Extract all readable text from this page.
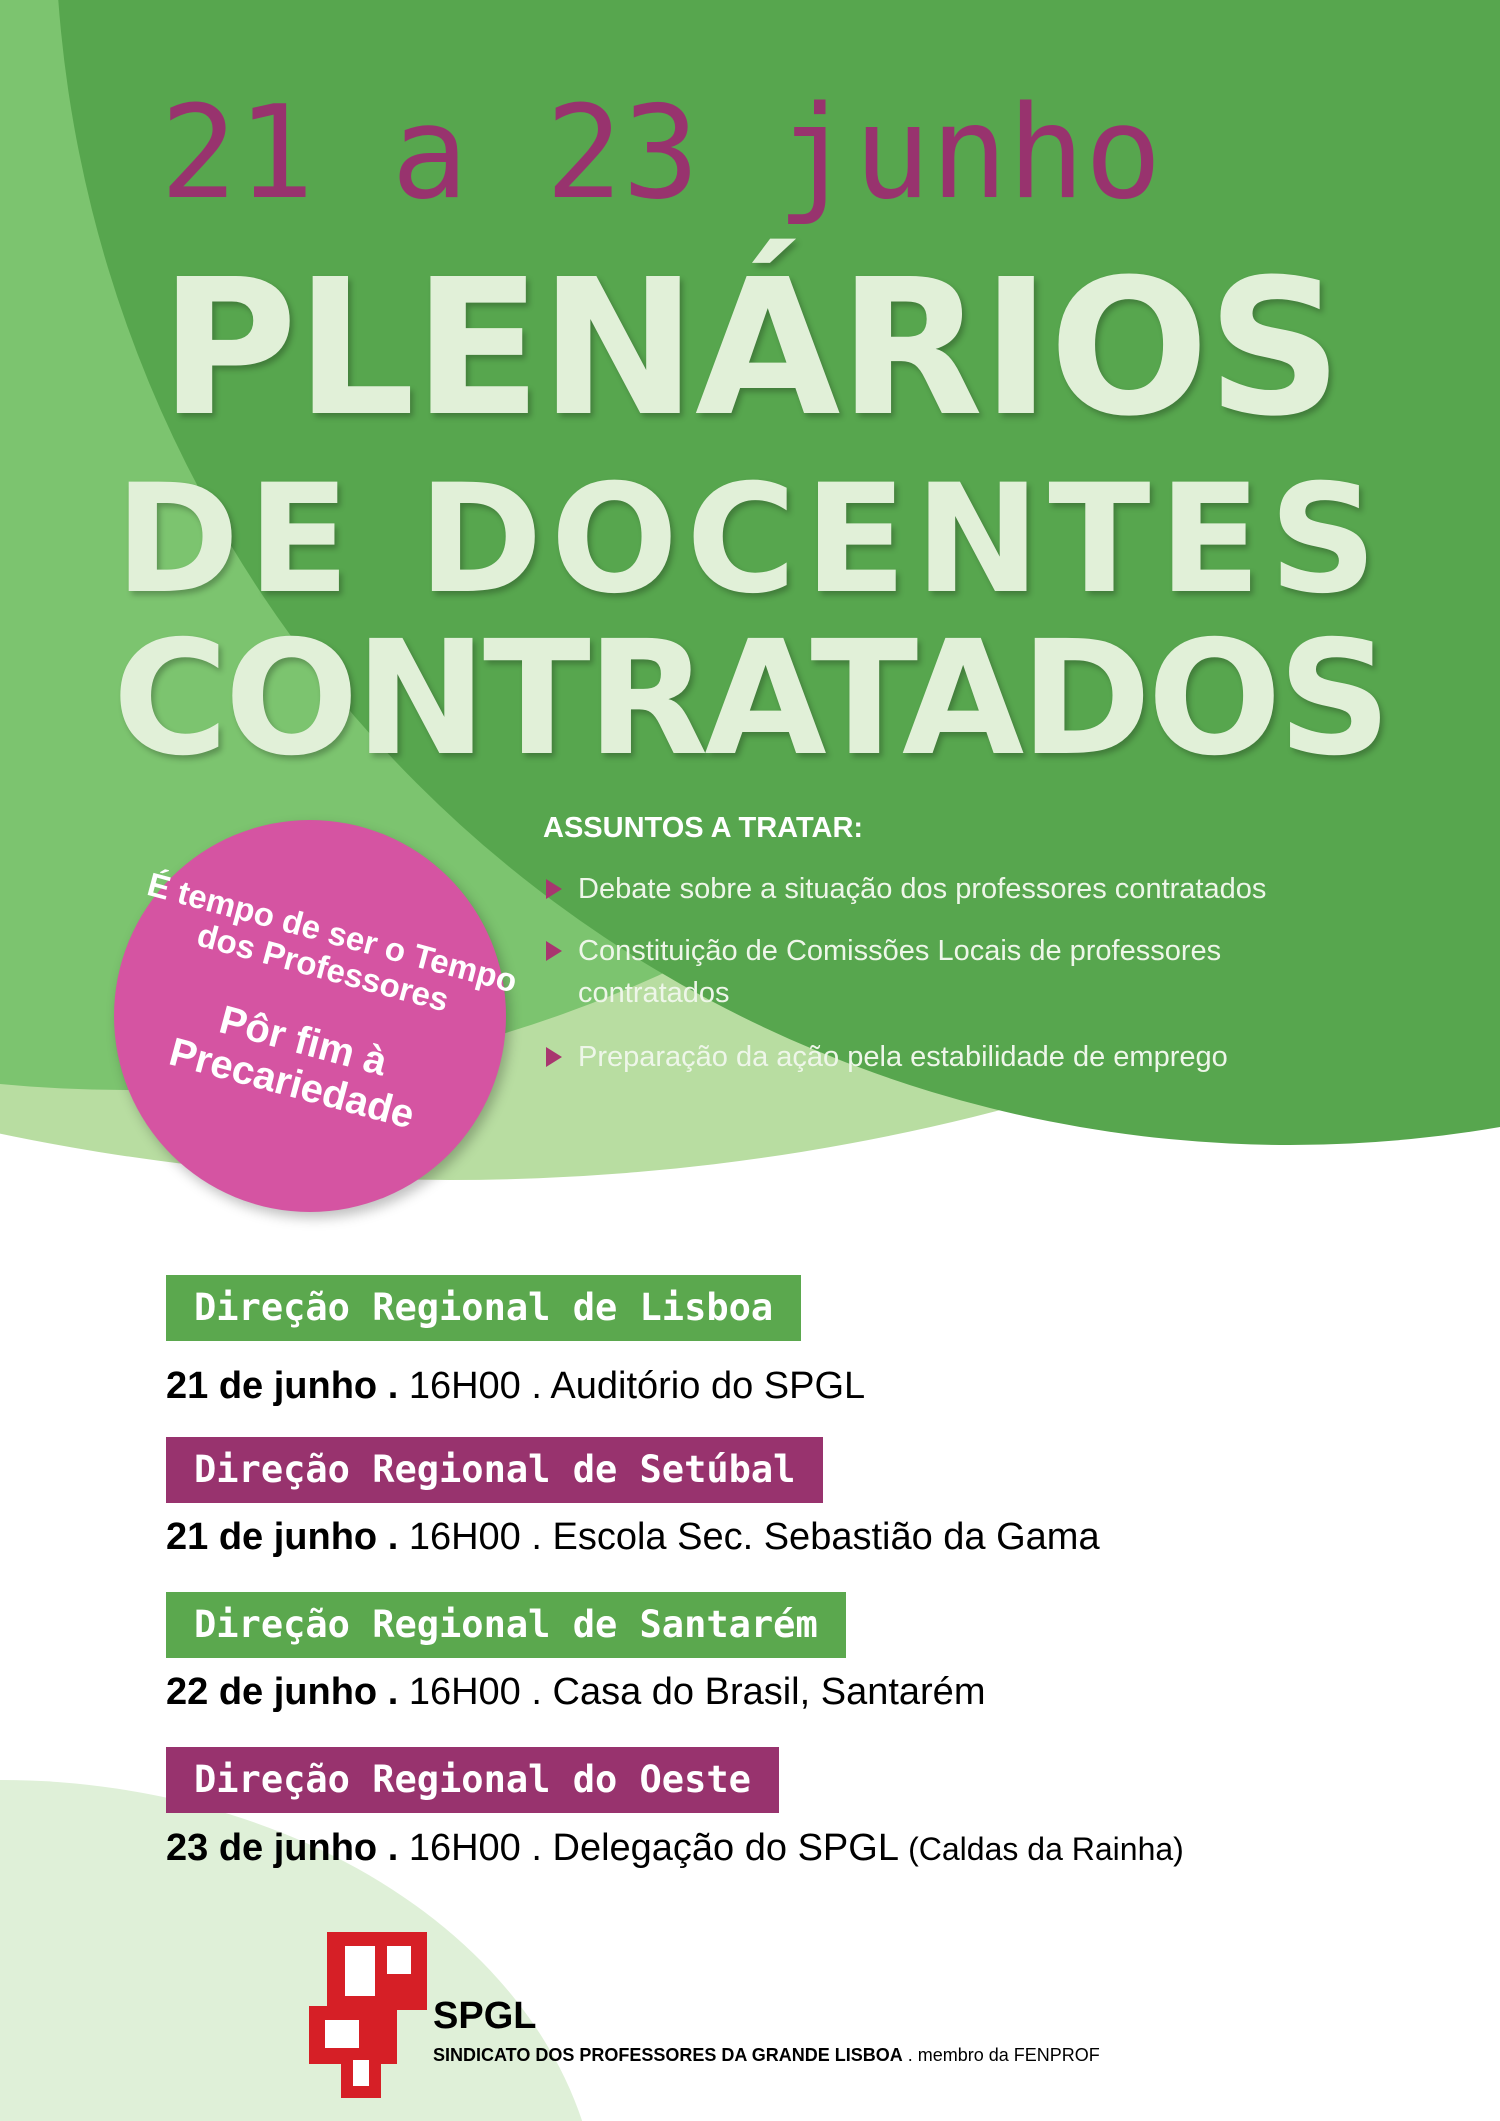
21 a 23 junho
PLENÁRIOS
DE DOCENTES
CONTRATADOS
É tempo de ser o Tempo dos Professores
Pôr fim à Precariedade
ASSUNTOS A TRATAR:
Debate sobre a situação dos professores contratados
Constituição de Comissões Locais de professores contratados
Preparação da ação pela estabilidade de emprego
Direção Regional de Lisboa
21 de junho . 16H00 . Auditório do SPGL
Direção Regional de Setúbal
21 de junho . 16H00 . Escola Sec. Sebastião da Gama
Direção Regional de Santarém
22 de junho . 16H00 . Casa do Brasil, Santarém
Direção Regional do Oeste
23 de junho . 16H00 . Delegação do SPGL (Caldas da Rainha)
SPGL
SINDICATO DOS PROFESSORES DA GRANDE LISBOA . membro da FENPROF
